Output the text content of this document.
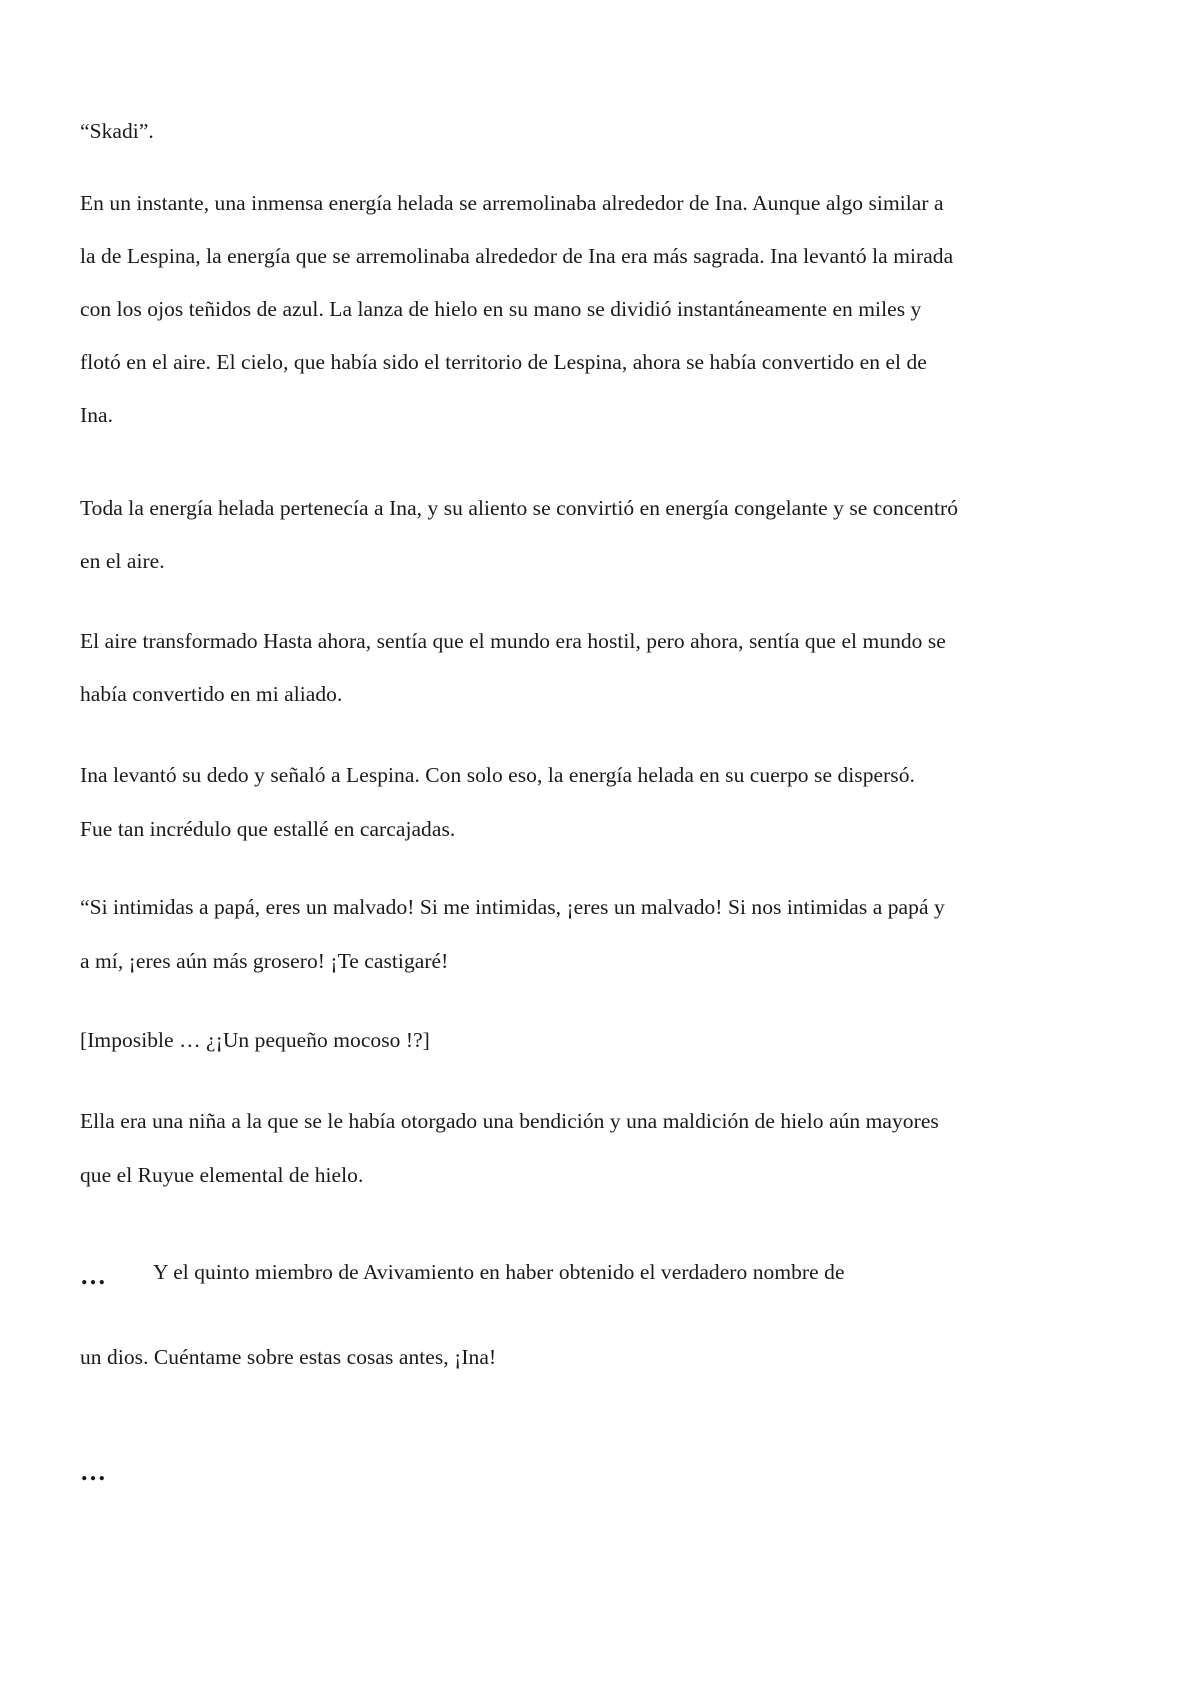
“Skadi”.
En un instante, una inmensa energía helada se arremolinaba alrededor de Ina. Aunque algo similar a
la de Lespina, la energía que se arremolinaba alrededor de Ina era más sagrada. Ina levantó la mirada
con los ojos teñidos de azul. La lanza de hielo en su mano se dividió instantáneamente en miles y
flotó en el aire. El cielo, que había sido el territorio de Lespina, ahora se había convertido en el de
Ina.
Toda la energía helada pertenecía a Ina, y su aliento se convirtió en energía congelante y se concentró
en el aire.
El aire transformado Hasta ahora, sentía que el mundo era hostil, pero ahora, sentía que el mundo se
había convertido en mi aliado.
Ina levantó su dedo y señaló a Lespina. Con solo eso, la energía helada en su cuerpo se dispersó.
Fue tan incrédulo que estallé en carcajadas.
“Si intimidas a papá, eres un malvado! Si me intimidas, ¡eres un malvado! Si nos intimidas a papá y
a mí, ¡eres aún más grosero! ¡Te castigaré!
[Imposible … ¿¡Un pequeño mocoso !?]
Ella era una niña a la que se le había otorgado una bendición y una maldición de hielo aún mayores
que el Ruyue elemental de hielo.
… Y el quinto miembro de Avivamiento en haber obtenido el verdadero nombre de
un dios. Cuéntame sobre estas cosas antes, ¡Ina!
…
